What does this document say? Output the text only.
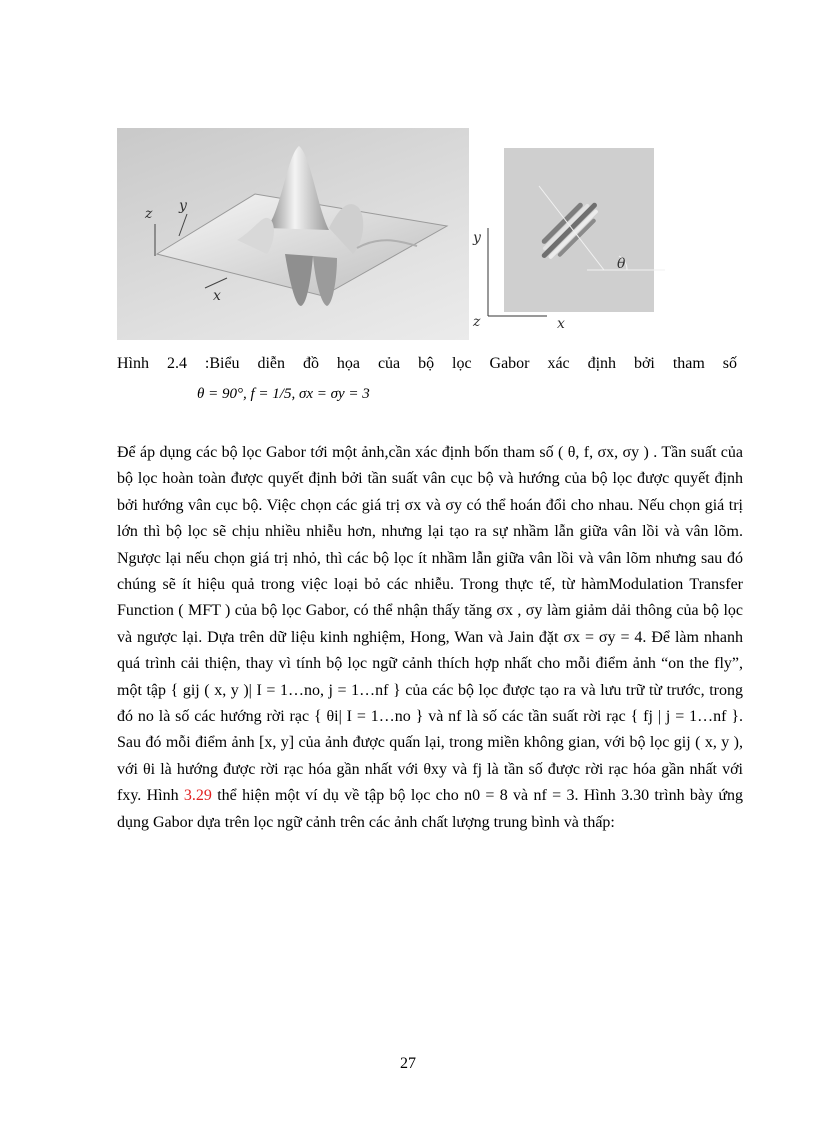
z y
x
y
θ
z	x
Hình 2.4 :Biểu diễn đồ họa của bộ lọc Gabor xác định bởi tham số
θ = 90°, f = 1/5, σx = σy = 3

Để áp dụng các bộ lọc Gabor tới một ảnh,cần xác định bốn tham số ( θ, f, σx, σy ) . Tần suất của bộ lọc hoàn toàn được quyết định bởi tần suất vân cục bộ và hướng của bộ lọc được quyết định bởi hướng vân cục bộ. Việc chọn các giá trị σx và σy có thể hoán đổi cho nhau. Nếu chọn giá trị lớn thì bộ lọc sẽ chịu nhiều nhiễu hơn, nhưng lại tạo ra sự nhầm lẫn giữa vân lồi và vân lõm. Ngược lại nếu chọn giá trị nhỏ, thì các bộ lọc ít nhầm lẫn giữa vân lồi và vân lõm nhưng sau đó chúng sẽ ít hiệu quả trong việc loại bỏ các nhiễu. Trong thực tế, từ hàmModulation Transfer Function ( MFT ) của bộ lọc Gabor, có thể nhận thấy tăng σx , σy làm giảm dải thông của bộ lọc và ngược lại. Dựa trên dữ liệu kinh nghiệm, Hong, Wan và Jain đặt σx = σy = 4. Để làm nhanh quá trình cải thiện, thay vì tính bộ lọc ngữ cảnh thích hợp nhất cho mỗi điểm ảnh “on the fly”, một tập { gij ( x, y )| I = 1…no, j = 1…nf } của các bộ lọc được tạo ra và lưu trữ từ trước, trong đó no là số các hướng rời rạc { θi| I = 1…no } và nf là số các tần suất rời rạc { fj | j = 1…nf }. Sau đó mỗi điểm ảnh [x, y] của ảnh được quấn lại, trong miền không gian, với bộ lọc gij ( x, y ), với θi là hướng được rời rạc hóa gần nhất với θxy và fj là tần số được rời rạc hóa gần nhất với fxy. Hình 3.29 thể hiện một ví dụ về tập bộ lọc cho n0 = 8 và nf = 3. Hình 3.30 trình bày ứng dụng Gabor dựa trên lọc ngữ cảnh trên các ảnh chất lượng trung bình và thấp:

27
